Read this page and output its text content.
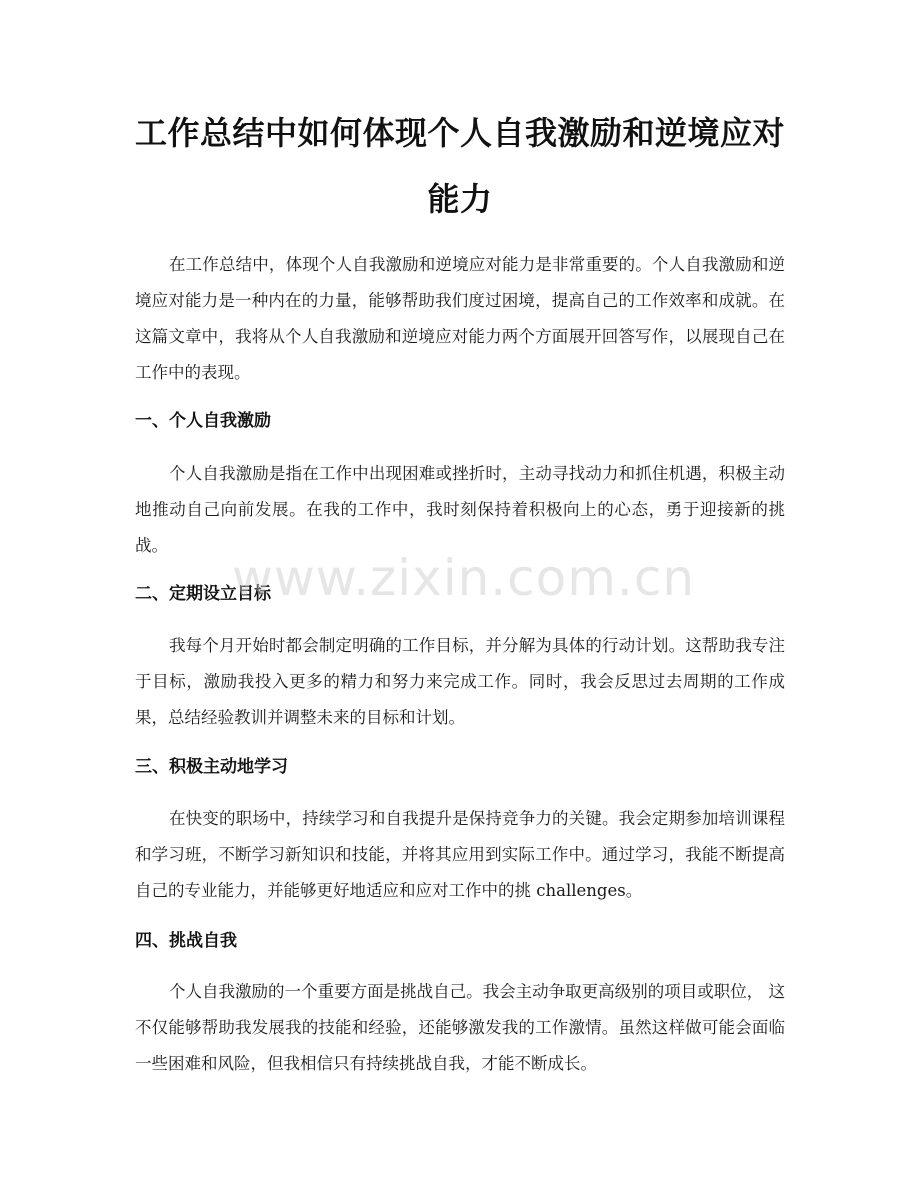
工作总结中如何体现个人自我激励和逆境应对能力

在工作总结中，体现个人自我激励和逆境应对能力是非常重要的。个人自我激励和逆境应对能力是一种内在的力量，能够帮助我们度过困境，提高自己的工作效率和成就。在这篇文章中，我将从个人自我激励和逆境应对能力两个方面展开回答写作，以展现自己在工作中的表现。

一、个人自我激励

个人自我激励是指在工作中出现困难或挫折时，主动寻找动力和抓住机遇，积极主动地推动自己向前发展。在我的工作中，我时刻保持着积极向上的心态，勇于迎接新的挑战。

二、定期设立目标

我每个月开始时都会制定明确的工作目标，并分解为具体的行动计划。这帮助我专注于目标，激励我投入更多的精力和努力来完成工作。同时，我会反思过去周期的工作成果，总结经验教训并调整未来的目标和计划。

三、积极主动地学习

在快变的职场中，持续学习和自我提升是保持竞争力的关键。我会定期参加培训课程和学习班，不断学习新知识和技能，并将其应用到实际工作中。通过学习，我能不断提高自己的专业能力，并能够更好地适应和应对工作中的挑 challenges。

四、挑战自我

个人自我激励的一个重要方面是挑战自己。我会主动争取更高级别的项目或职位， 这不仅能够帮助我发展我的技能和经验，还能够激发我的工作激情。虽然这样做可能会面临一些困难和风险，但我相信只有持续挑战自我，才能不断成长。

www.zixin.com.cn
